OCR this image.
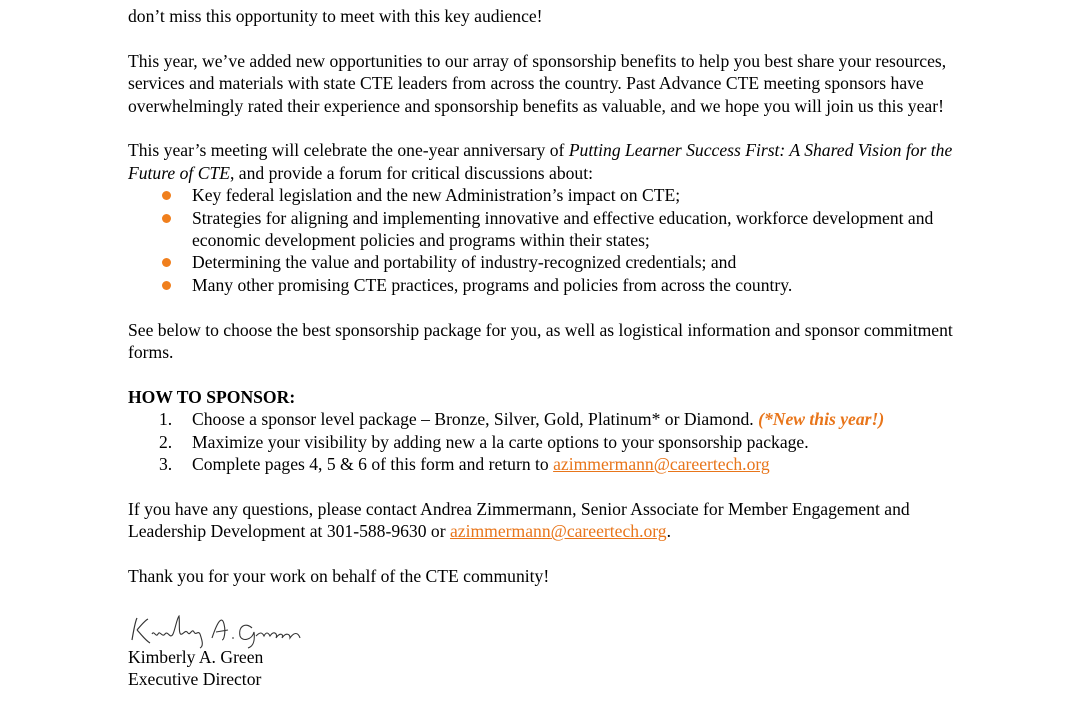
don’t miss this opportunity to meet with this key audience!

This year, we’ve added new opportunities to our array of sponsorship benefits to help you best share your resources, services and materials with state CTE leaders from across the country. Past Advance CTE meeting sponsors have overwhelmingly rated their experience and sponsorship benefits as valuable, and we hope you will join us this year!

This year’s meeting will celebrate the one-year anniversary of Putting Learner Success First: A Shared Vision for the Future of CTE, and provide a forum for critical discussions about:

Key federal legislation and the new Administration’s impact on CTE;
Strategies for aligning and implementing innovative and effective education, workforce development and economic development policies and programs within their states;
Determining the value and portability of industry-recognized credentials; and
Many other promising CTE practices, programs and policies from across the country.

See below to choose the best sponsorship package for you, as well as logistical information and sponsor commitment forms.

HOW TO SPONSOR:
1. Choose a sponsor level package – Bronze, Silver, Gold, Platinum* or Diamond. (*New this year!)
2. Maximize your visibility by adding new a la carte options to your sponsorship package.
3. Complete pages 4, 5 & 6 of this form and return to azimmermann@careertech.org

If you have any questions, please contact Andrea Zimmermann, Senior Associate for Member Engagement and Leadership Development at 301-588-9630 or azimmermann@careertech.org.

Thank you for your work on behalf of the CTE community!

Kimberly A. Green

Executive Director
